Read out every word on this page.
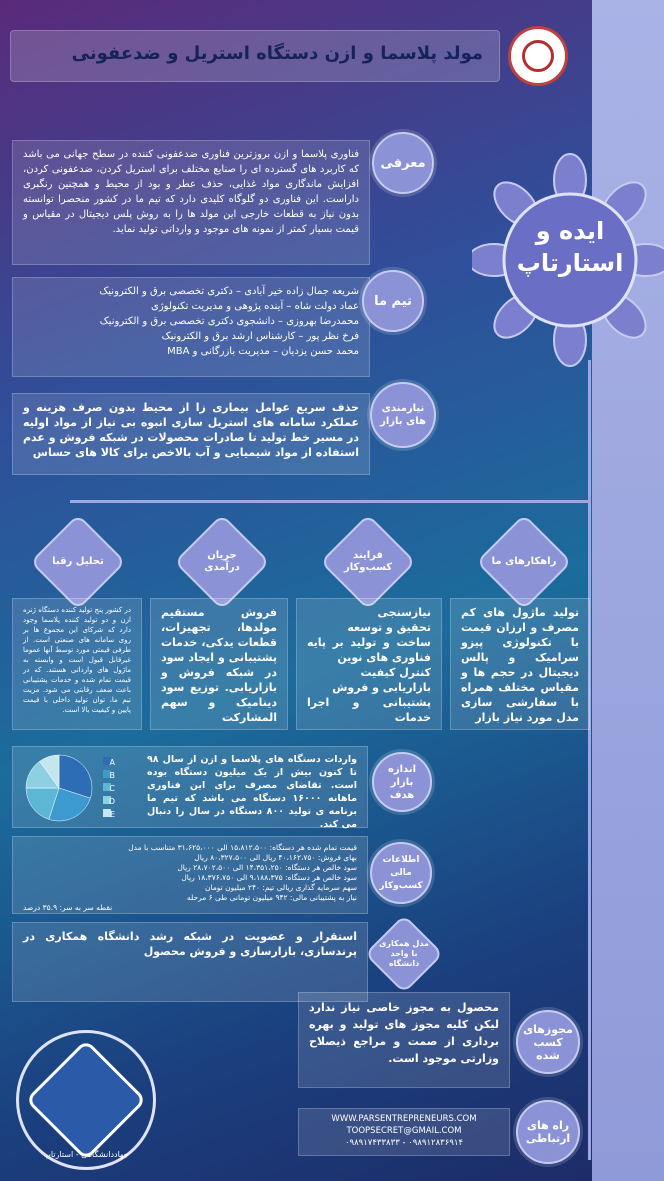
مولد پلاسما و ازن دستگاه استریل و ضدعفونی
ایده و
استارتاپ

فناوری پلاسما و ازن بروزترین فناوری ضدعفونی کننده در سطح جهانی می باشد که کاربرد های گسترده ای را صنایع مختلف برای استریل کردن، ضدعفونی کردن، افزایش ماندگاری مواد غذایی، حذف عطر و بود از محیط و همچنین رنگبری داراست. این فناوری دو گلوگاه کلیدی دارد که تیم ما در کشور منحصرا توانسته بدون نیاز به قطعات خارجی این مولد ها را به روش پلس دیجیتال در مقیاس و قیمت بسیار کمتر از نمونه های موجود و وارداتی تولید نماید.

معرفی

شریعه جمال زاده خیر آبادی – دکتری تخصصی برق و الکترونیک

عماد دولت شاه – آینده پژوهی و مدیریت تکنولوژی

محمدرضا بهروزی – دانشجوی دکتری تخصصی برق و الکترونیک

فرخ نظر پور – کارشناس ارشد برق و الکترونیک

محمد حسن یزدیان – مدیریت بازرگانی و MBA

تیم ما

حذف سریع عوامل بیماری زا از محیط بدون صرف هزینه و عملکرد سامانه های استریل سازی انبوه بی نیاز از مواد اولیه در مسیر خط تولید تا صادرات محصولات در شبکه فروش و عدم استفاده از مواد شیمیایی و آب بالاخص برای کالا های حساس

نیازمندی های بازار
راهکارهای ما

تولید ماژول های کم مصرف و ارزان قیمت با تکنولوژی پیزو سرامیک و پالس دیجیتال در حجم ها و مقیاس مختلف همراه با سفارشی سازی مدل مورد نیاز بازار

فرایند کسب‌وکار

نیازسنجی

تحقیق و توسعه

ساخت و تولید بر پایه فناوری های نوین

کنترل کیفیت

بازاریابی و فروش

پشتیبانی و اجرا خدمات

جریان درآمدی

فروش مستقیم مولدها، تجهیزات، قطعات یدکی، خدمات پشتیبانی و ایجاد سود در شبکه فروش و بازاریابی. توزیع سود دینامیک و سهم المشارکت

تحلیل رقبا

در کشور پنج تولید کننده دستگاه ژنره ازن و دو تولید کننده پلاسما وجود دارد که شرکای این مجموع ها بر روی سامانه های صنعتی است. از طرفی قیمتی مورد توسط آنها عموما غیرقابل قبول است و وابسته به ماژول های وارداتی هستند. که در قیمت تمام شده و خدمات پشتیبانی باعث ضعف رقابتی می شود. مزیت تیم ما، توان تولید داخلی با قیمت پایین و کیفیت بالا است.

واردات دستگاه های پلاسما و ازن از سال ۹۸ تا کنون بیش از یک میلیون دستگاه بوده است. تقاضای مصرف برای این فناوری ماهانه ۱۶۰۰۰ دستگاه می باشد که تیم ما برنامه ی تولید ۸۰۰ دستگاه در سال را دنبال می کند.
A
B
C
D
E
اندازه بازار هدف

قیمت تمام شده هر دستگاه: ۱۵،۸۱۲،۵۰۰ الی ۳۱،۶۲۵،۰۰۰ متناسب با مدل

بهای فروش: ۴۰،۱۶۲،۷۵۰ ریال الی ۸۰،۳۲۷،۵۰۰ ریال

سود خالص هر دستگاه: ۱۴،۳۵۱،۲۵۰ الی ۲۸،۷۰۲،۵۰۰ ریال

سود خالص هر دستگاه: ۹،۱۸۸،۳۷۵ الی ۱۸،۳۷۶،۷۵۰ ریال

سهم سرمایه گذاری ریالی تیم: ۲۴۰ میلیون تومان

نیاز به پشتیبانی مالی: ۹۴۲ میلیون تومانی طی ۶ مرحله

نقطه سر به سر: ۳۵.۹ درصد

اطلاعات مالی کسب‌وکار

استقرار و عضویت در شبکه رشد دانشگاه همکاری در پرندسازی، بازارسازی و فروش محصول

مدل همکاری با واحد دانشگاه

محصول به مجوز خاصی نیاز ندارد لیکن کلیه مجوز های تولید و بهره برداری از صمت و مراجع ذیصلاح وزارتی موجود است.

مجوزهای کسب شده
WWW.PARSENTREPRENEURS.COM
TOOPSECRET@GMAIL.COM
۰۹۸۹۱۷۴۳۳۸۳۳ - ۰۹۸۹۱۲۸۳۶۹۱۴
راه های ارتباطی
جهاددانشگاهی - استارتاپ
